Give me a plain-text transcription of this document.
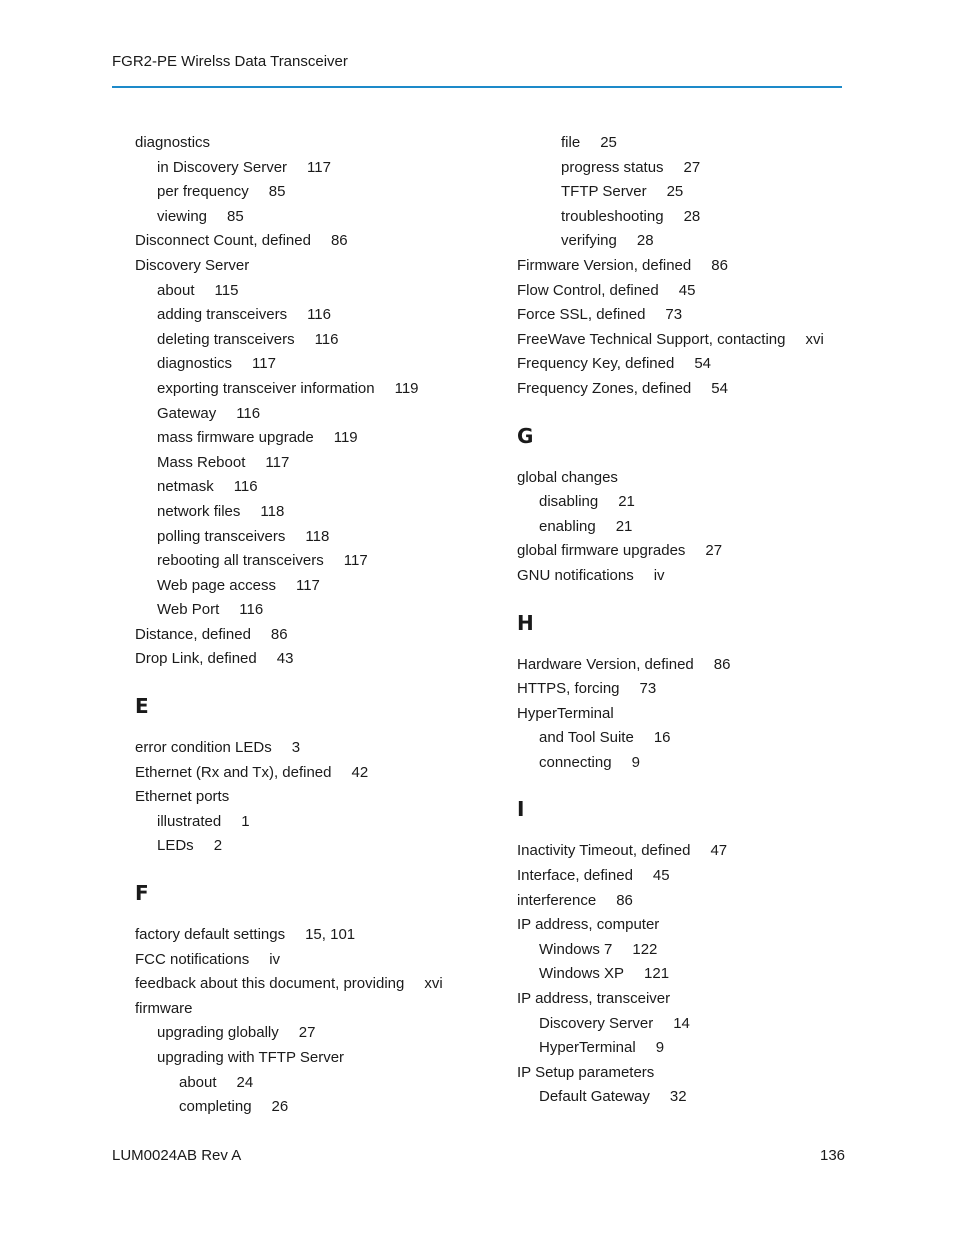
FGR2-PE Wirelss Data Transceiver
diagnostics
in Discovery Server 117
per frequency 85
viewing 85
Disconnect Count, defined 86
Discovery Server
about 115
adding transceivers 116
deleting transceivers 116
diagnostics 117
exporting transceiver information 119
Gateway 116
mass firmware upgrade 119
Mass Reboot 117
netmask 116
network files 118
polling transceivers 118
rebooting all transceivers 117
Web page access 117
Web Port 116
Distance, defined 86
Drop Link, defined 43
E
error condition LEDs 3
Ethernet (Rx and Tx), defined 42
Ethernet ports
illustrated 1
LEDs 2
F
factory default settings 15, 101
FCC notifications iv
feedback about this document, providing xvi
firmware
upgrading globally 27
upgrading with TFTP Server
about 24
completing 26
file 25
progress status 27
TFTP Server 25
troubleshooting 28
verifying 28
Firmware Version, defined 86
Flow Control, defined 45
Force SSL, defined 73
FreeWave Technical Support, contacting xvi
Frequency Key, defined 54
Frequency Zones, defined 54
G
global changes
disabling 21
enabling 21
global firmware upgrades 27
GNU notifications iv
H
Hardware Version, defined 86
HTTPS, forcing 73
HyperTerminal
and Tool Suite 16
connecting 9
I
Inactivity Timeout, defined 47
Interface, defined 45
interference 86
IP address, computer
Windows 7 122
Windows XP 121
IP address, transceiver
Discovery Server 14
HyperTerminal 9
IP Setup parameters
Default Gateway 32
LUM0024AB Rev A	136
